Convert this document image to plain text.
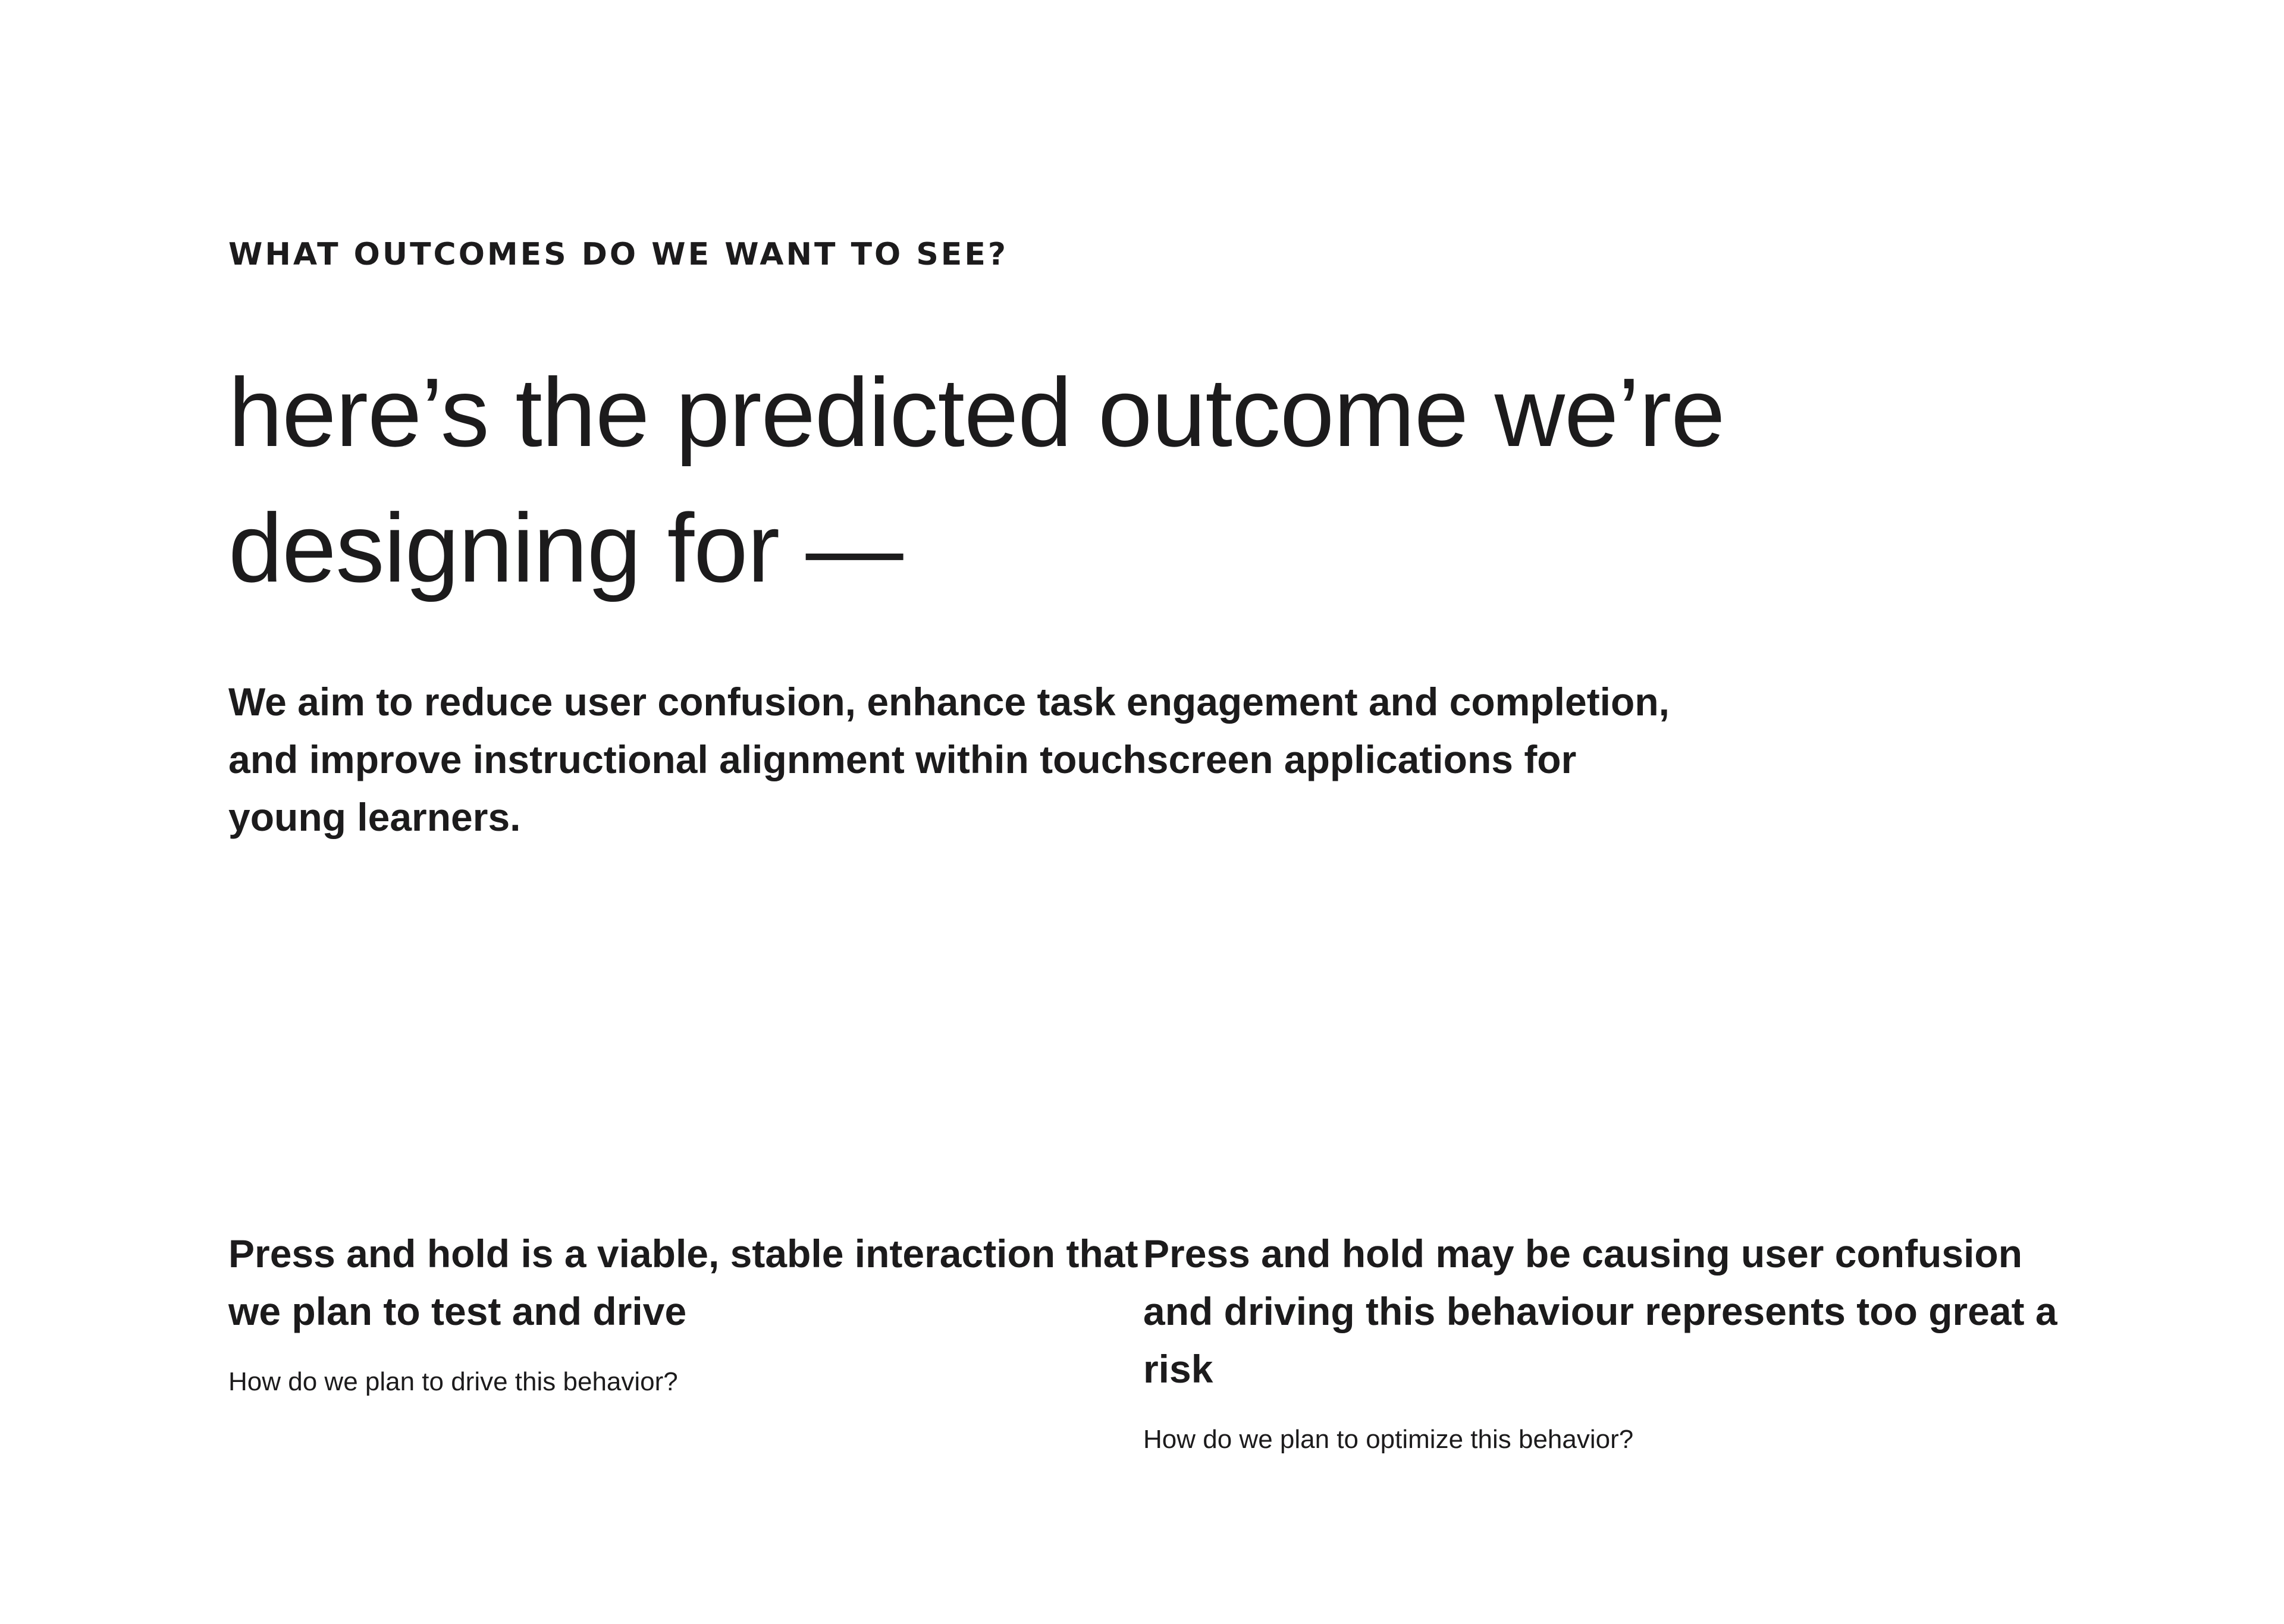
WHAT OUTCOMES DO WE WANT TO SEE?
here’s the predicted outcome we’re designing for —

We aim to reduce user confusion, enhance task engagement and completion, and improve instructional alignment within touchscreen applications for young learners.

Press and hold is a viable, stable interaction that we plan to test and drive

How do we plan to drive this behavior?

Press and hold may be causing user confusion and driving this behaviour represents too great a risk

How do we plan to optimize this behavior?
